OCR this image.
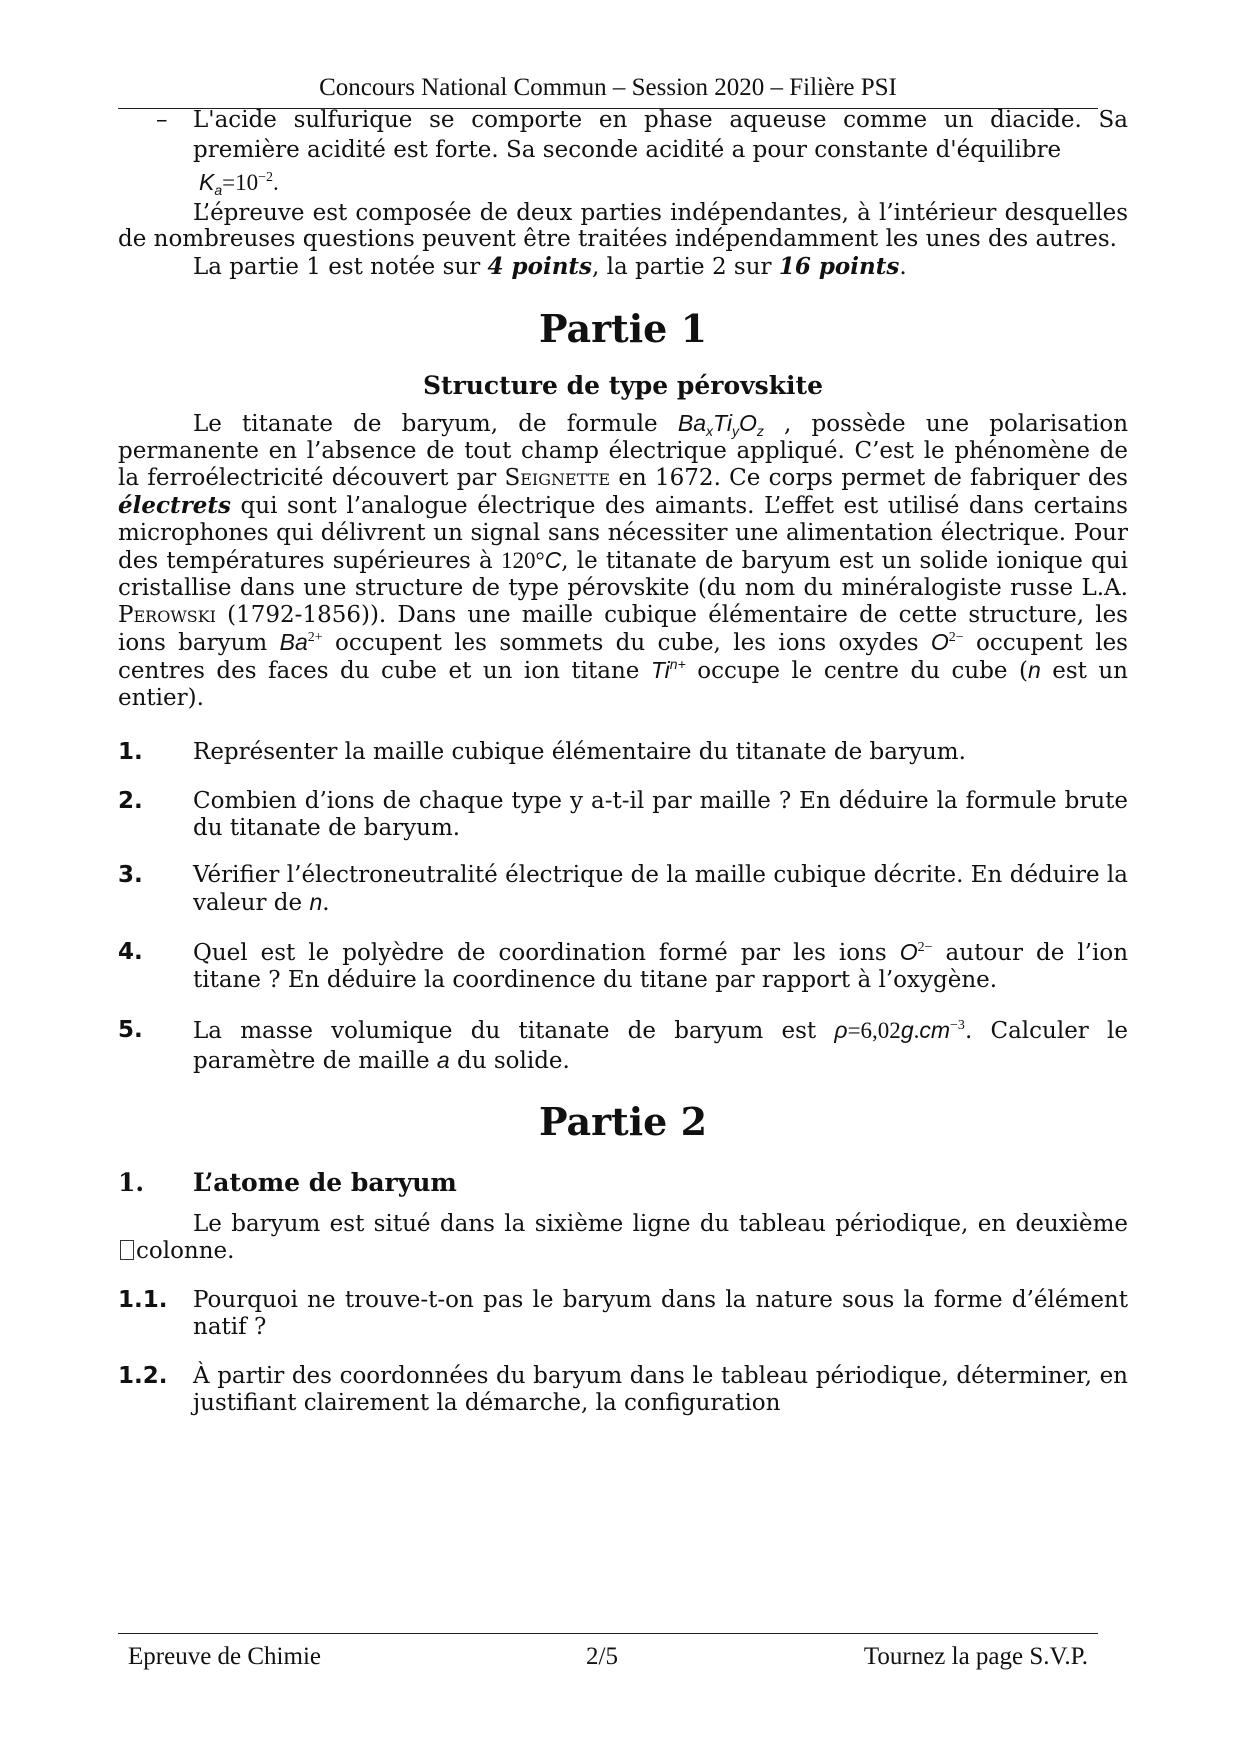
Concours National Commun – Session 2020 – Filière PSI
– L'acide sulfurique se comporte en phase aqueuse comme un diacide. Sa première acidité est forte. Sa seconde acidité a pour constante d'équilibre
$K_a=10^{-2}$.

L’épreuve est composée de deux parties indépendantes, à l’intérieur desquelles de nombreuses questions peuvent être traitées indépendamment les unes des autres.

La partie 1 est notée sur 4 points, la partie 2 sur 16 points.

Partie 1
Structure de type pérovskite

Le titanate de baryum, de formule $Ba_xTi_yO_z$ , possède une polarisation permanente en l’absence de tout champ électrique appliqué. C’est le phénomène de la ferroélectricité découvert par Seignette en 1672. Ce corps permet de fabriquer des électrets qui sont l’analogue électrique des aimants. L’effet est utilisé dans certains microphones qui délivrent un signal sans nécessiter une alimentation électrique. Pour des températures supérieures à 120°C, le titanate de baryum est un solide ionique qui cristallise dans une structure de type pérovskite (du nom du minéralogiste russe L.A. Perowski (1792-1856)). Dans une maille cubique élémentaire de cette structure, les ions baryum $Ba^{2+}$ occupent les sommets du cube, les ions oxydes $O^{2-}$ occupent les centres des faces du cube et un ion titane $Ti^{n+}$ occupe le centre du cube (n est un entier).

1. Représenter la maille cubique élémentaire du titanate de baryum.
2. Combien d’ions de chaque type y a-t-il par maille ? En déduire la formule brute du titanate de baryum.
3. Vérifier l’électroneutralité électrique de la maille cubique décrite. En déduire la valeur de n.
4. Quel est le polyèdre de coordination formé par les ions $O^{2-}$ autour de l’ion titane ? En déduire la coordinence du titane par rapport à l’oxygène.
5. La masse volumique du titanate de baryum est $\rho=6,02g.cm^{-3}$. Calculer le paramètre de maille a du solide.
Partie 2
1. L’atome de baryum

Le baryum est situé dans la sixième ligne du tableau périodique, en deuxième colonne.

1.1. Pourquoi ne trouve-t-on pas le baryum dans la nature sous la forme d’élément natif ?
1.2. À partir des coordonnées du baryum dans le tableau périodique, déterminer, en justifiant clairement la démarche, la configuration
Epreuve de Chimie	2/5	Tournez la page S.V.P.
